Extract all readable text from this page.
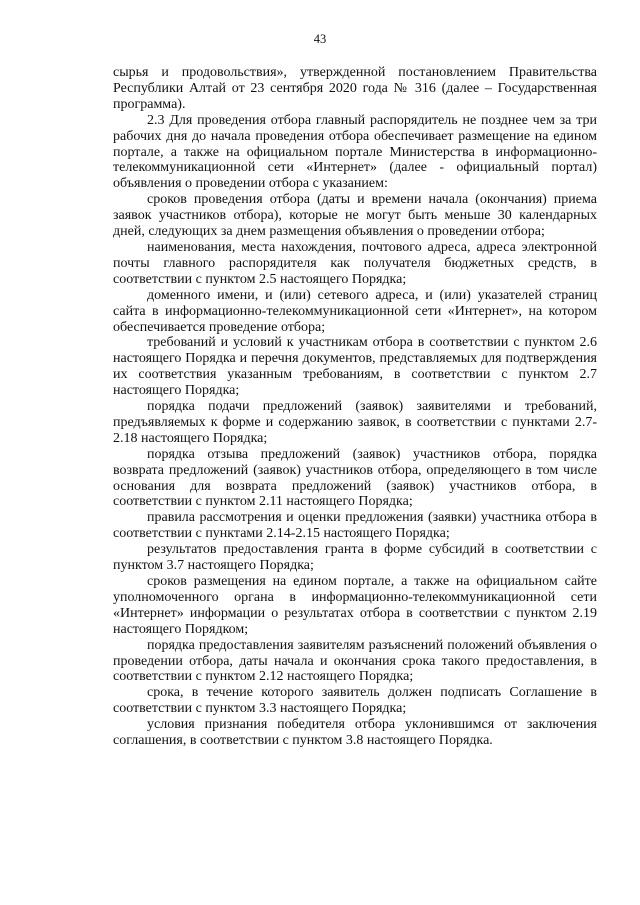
43

сырья и продовольствия», утвержденной постановлением Правительства Республики Алтай от 23 сентября 2020 года № 316 (далее – Государственная программа).

2.3 Для проведения отбора главный распорядитель не позднее чем за три рабочих дня до начала проведения отбора обеспечивает размещение на едином портале, а также на официальном портале Министерства в информационно-телекоммуникационной сети «Интернет» (далее - официальный портал) объявления о проведении отбора с указанием:

сроков проведения отбора (даты и времени начала (окончания) приема заявок участников отбора), которые не могут быть меньше 30 календарных дней, следующих за днем размещения объявления о проведении отбора;

наименования, места нахождения, почтового адреса, адреса электронной почты главного распорядителя как получателя бюджетных средств, в соответствии с пунктом 2.5 настоящего Порядка;

доменного имени, и (или) сетевого адреса, и (или) указателей страниц сайта в информационно-телекоммуникационной сети «Интернет», на котором обеспечивается проведение отбора;

требований и условий к участникам отбора в соответствии с пунктом 2.6 настоящего Порядка и перечня документов, представляемых для подтверждения их соответствия указанным требованиям, в соответствии с пунктом 2.7 настоящего Порядка;

порядка подачи предложений (заявок) заявителями и требований, предъявляемых к форме и содержанию заявок, в соответствии с пунктами 2.7-2.18 настоящего Порядка;

порядка отзыва предложений (заявок) участников отбора, порядка возврата предложений (заявок) участников отбора, определяющего в том числе основания для возврата предложений (заявок) участников отбора, в соответствии с пунктом 2.11 настоящего Порядка;

правила рассмотрения и оценки предложения (заявки) участника отбора в соответствии с пунктами 2.14-2.15 настоящего Порядка;

результатов предоставления гранта в форме субсидий в соответствии с пунктом 3.7 настоящего Порядка;

сроков размещения на едином портале, а также на официальном сайте уполномоченного органа в информационно-телекоммуникационной сети «Интернет» информации о результатах отбора в соответствии с пунктом 2.19 настоящего Порядком;

порядка предоставления заявителям разъяснений положений объявления о проведении отбора, даты начала и окончания срока такого предоставления, в соответствии с пунктом 2.12 настоящего Порядка;

срока, в течение которого заявитель должен подписать Соглашение в соответствии с пунктом 3.3 настоящего Порядка;

условия признания победителя отбора уклонившимся от заключения соглашения, в соответствии с пунктом 3.8 настоящего Порядка.
